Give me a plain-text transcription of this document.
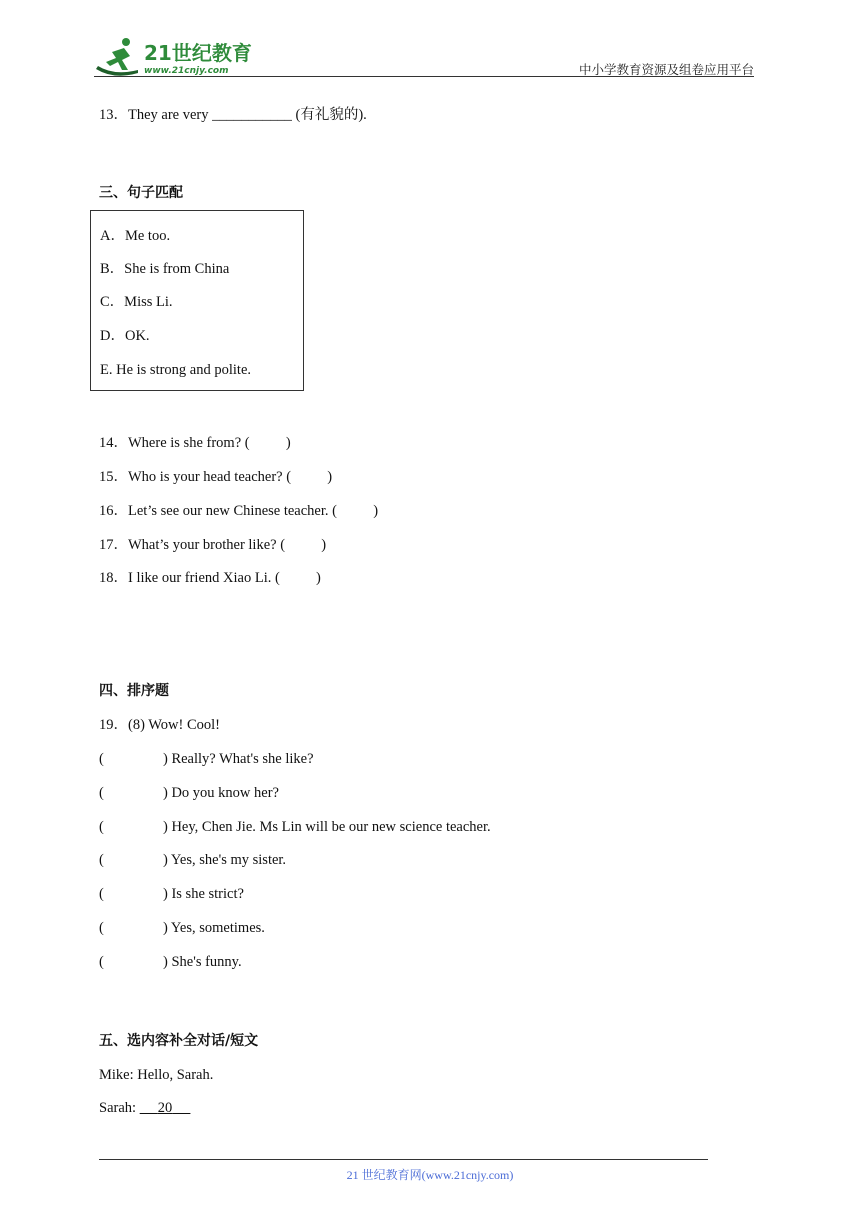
21世纪教育
www.21cnjy.com	中小学教育资源及组卷应用平台
13．They are very ___________ (有礼貌的).
三、句子匹配
A．Me too.
B．She is from China
C．Miss Li.
D．OK.
E. He is strong and polite.
14．Where is she from? (          )
15．Who is your head teacher? (          )
16．Let’s see our new Chinese teacher. (          )
17．What’s your brother like? (          )
18．I like our friend Xiao Li. (          )
四、排序题
19．(8) Wow! Cool!
(	) Really? What's she like?
(	) Do you know her?
(	) Hey, Chen Jie. Ms Lin will be our new science teacher.
(	) Yes, she's my sister.
(	) Is she strict?
(	) Yes, sometimes.
(	) She's funny.
五、选内容补全对话/短文
Mike: Hello, Sarah.
Sarah:      20
21 世纪教育网(www.21cnjy.com)
